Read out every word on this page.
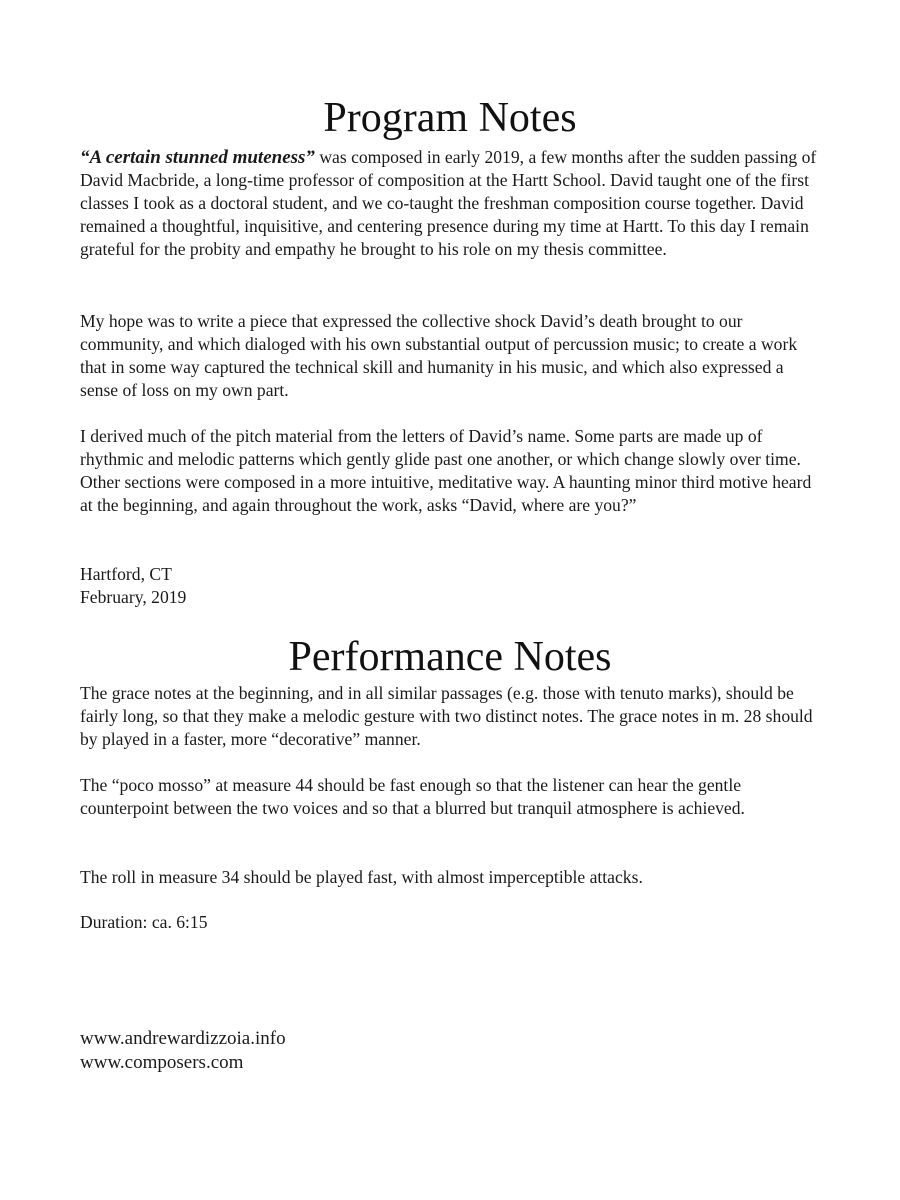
Program Notes

“A certain stunned muteness” was composed in early 2019, a few months after the sudden passing of David Macbride, a long-time professor of composition at the Hartt School. David taught one of the first classes I took as a doctoral student, and we co-taught the freshman composition course together. David remained a thoughtful, inquisitive, and centering presence during my time at Hartt. To this day I remain grateful for the probity and empathy he brought to his role on my thesis committee.

My hope was to write a piece that expressed the collective shock David’s death brought to our community, and which dialoged with his own substantial output of percussion music; to create a work that in some way captured the technical skill and humanity in his music, and which also expressed a sense of loss on my own part.

I derived much of the pitch material from the letters of David’s name. Some parts are made up of rhythmic and melodic patterns which gently glide past one another, or which change slowly over time. Other sections were composed in a more intuitive, meditative way. A haunting minor third motive heard at the beginning, and again throughout the work, asks “David, where are you?”

Hartford, CT
February, 2019
Performance Notes

The grace notes at the beginning, and in all similar passages (e.g. those with tenuto marks), should be fairly long, so that they make a melodic gesture with two distinct notes. The grace notes in m. 28 should by played in a faster, more “decorative” manner.

The “poco mosso” at measure 44 should be fast enough so that the listener can hear the gentle counterpoint between the two voices and so that a blurred but tranquil atmosphere is achieved.

The roll in measure 34 should be played fast, with almost imperceptible attacks.

Duration: ca. 6:15

www.andrewardizzoia.info
www.composers.com
